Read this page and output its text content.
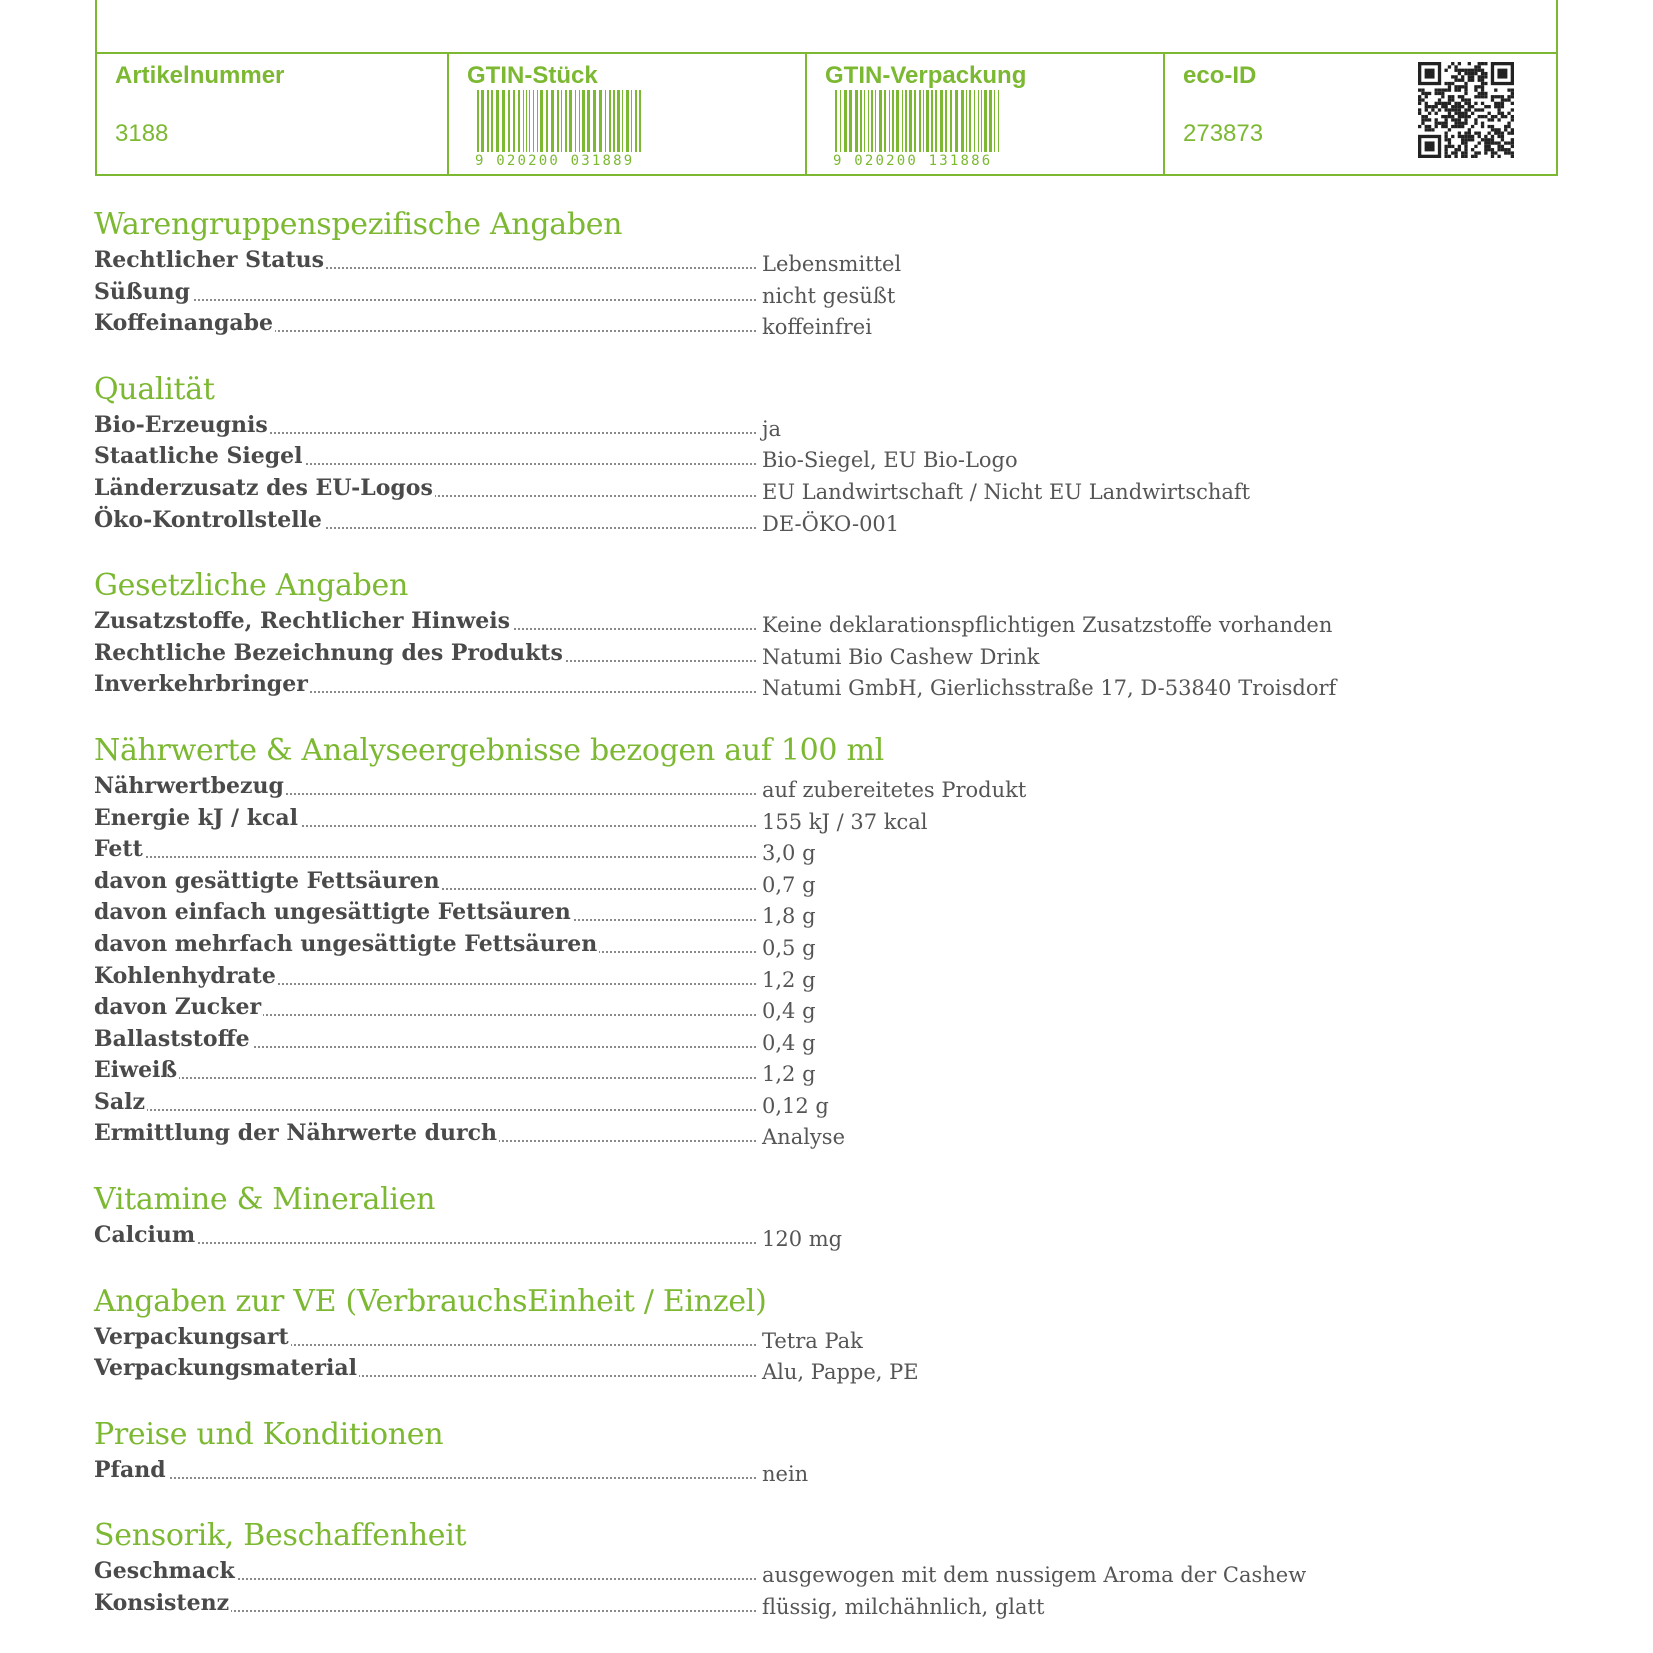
Artikelnummer
3188
GTIN-Stück
9 020200 031889
GTIN-Verpackung
9 020200 131886
eco-ID
273873
Warengruppenspezifische Angaben
Rechtlicher Status	Lebensmittel
Süßung	nicht gesüßt
Koffeinangabe	koffeinfrei
Qualität
Bio-Erzeugnis	ja
Staatliche Siegel	Bio-Siegel, EU Bio-Logo
Länderzusatz des EU-Logos	EU Landwirtschaft / Nicht EU Landwirtschaft
Öko-Kontrollstelle	DE-ÖKO-001
Gesetzliche Angaben
Zusatzstoffe, Rechtlicher Hinweis	Keine deklarationspflichtigen Zusatzstoffe vorhanden
Rechtliche Bezeichnung des Produkts	Natumi Bio Cashew Drink
Inverkehrbringer	Natumi GmbH, Gierlichsstraße 17, D-53840 Troisdorf
Nährwerte & Analyseergebnisse bezogen auf 100 ml
Nährwertbezug	auf zubereitetes Produkt
Energie kJ / kcal	155 kJ / 37 kcal
Fett	3,0 g
davon gesättigte Fettsäuren	0,7 g
davon einfach ungesättigte Fettsäuren	1,8 g
davon mehrfach ungesättigte Fettsäuren	0,5 g
Kohlenhydrate	1,2 g
davon Zucker	0,4 g
Ballaststoffe	0,4 g
Eiweiß	1,2 g
Salz	0,12 g
Ermittlung der Nährwerte durch	Analyse
Vitamine & Mineralien
Calcium	120 mg
Angaben zur VE (VerbrauchsEinheit / Einzel)
Verpackungsart	Tetra Pak
Verpackungsmaterial	Alu, Pappe, PE
Preise und Konditionen
Pfand	nein
Sensorik, Beschaffenheit
Geschmack	ausgewogen mit dem nussigem Aroma der Cashew
Konsistenz	flüssig, milchähnlich, glatt
